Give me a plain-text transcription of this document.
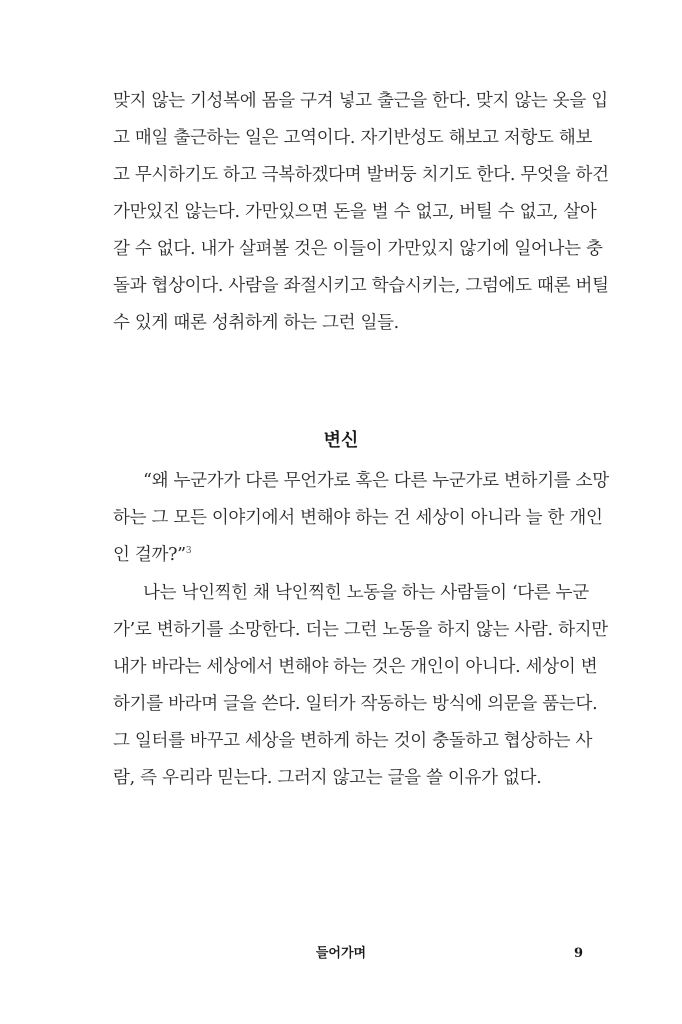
맞지 않는 기성복에 몸을 구겨 넣고 출근을 한다. 맞지 않는 옷을 입
고 매일 출근하는 일은 고역이다. 자기반성도 해보고 저항도 해보
고 무시하기도 하고 극복하겠다며 발버둥 치기도 한다. 무엇을 하건
가만있진 않는다. 가만있으면 돈을 벌 수 없고, 버틸 수 없고, 살아
갈 수 없다. 내가 살펴볼 것은 이들이 가만있지 않기에 일어나는 충
돌과 협상이다. 사람을 좌절시키고 학습시키는, 그럼에도 때론 버틸
수 있게 때론 성취하게 하는 그런 일들.
변신
“왜 누군가가 다른 무언가로 혹은 다른 누군가로 변하기를 소망
하는 그 모든 이야기에서 변해야 하는 건 세상이 아니라 늘 한 개인
인 걸까?”$^3$
나는 낙인찍힌 채 낙인찍힌 노동을 하는 사람들이 ‘다른 누군
가’로 변하기를 소망한다. 더는 그런 노동을 하지 않는 사람. 하지만
내가 바라는 세상에서 변해야 하는 것은 개인이 아니다. 세상이 변
하기를 바라며 글을 쓴다. 일터가 작동하는 방식에 의문을 품는다.
그 일터를 바꾸고 세상을 변하게 하는 것이 충돌하고 협상하는 사
람, 즉 우리라 믿는다. 그러지 않고는 글을 쓸 이유가 없다.
들어가며	9
